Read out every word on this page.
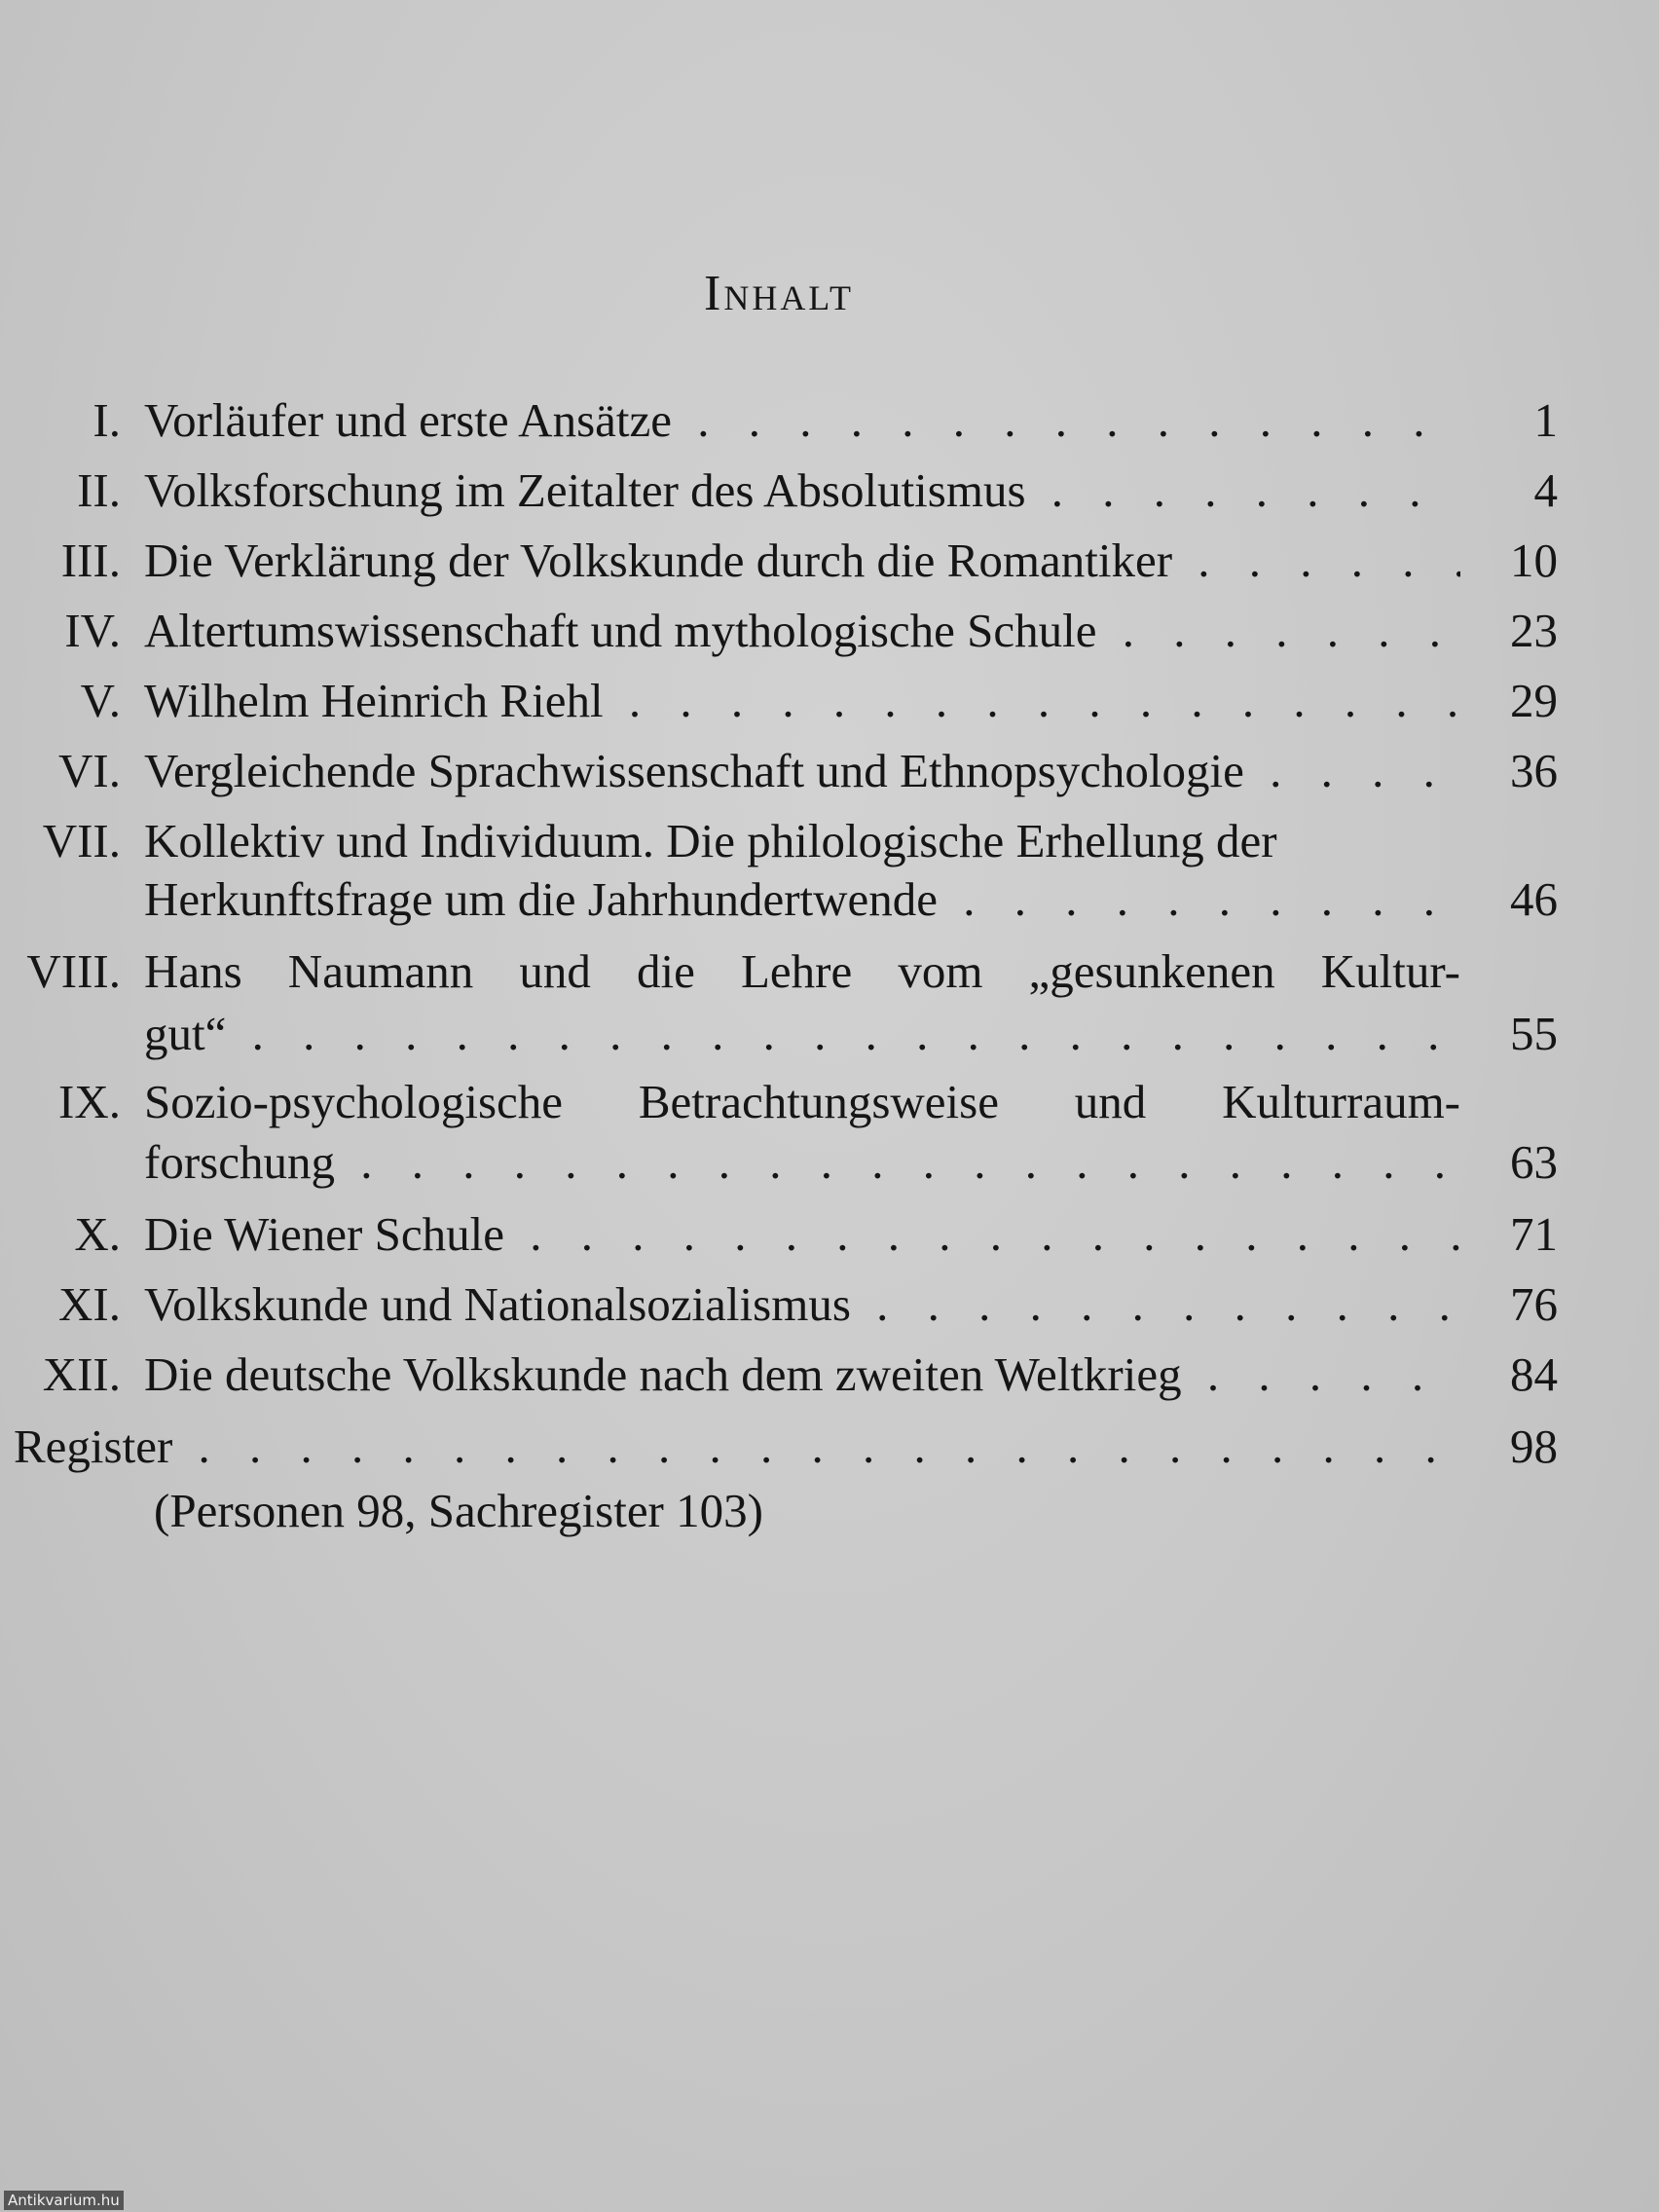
Inhalt
I. Vorläufer und erste Ansätze . . .	1
II. Volksforschung im Zeitalter des Absolutismus . . .	4
III. Die Verklärung der Volkskunde durch die Romantiker . . .	10
IV. Altertumswissenschaft und mythologische Schule . . .	23
V. Wilhelm Heinrich Riehl . . .	29
VI. Vergleichende Sprachwissenschaft und Ethnopsychologie . . .	36
VII. Kollektiv und Individuum. Die philologische Erhellung der
Herkunftsfrage um die Jahrhundertwende . . .	46
VIII. Hans Naumann und die Lehre vom „gesunkenen Kultur-
gut“ . . .	55
IX. Sozio-psychologische Betrachtungsweise und Kulturraum-
forschung . . .	63
X. Die Wiener Schule . . .	71
XI. Volkskunde und Nationalsozialismus . . .	76
XII. Die deutsche Volkskunde nach dem zweiten Weltkrieg . . .	84
Register . . .	98
(Personen 98, Sachregister 103)
Antikvarium.hu
